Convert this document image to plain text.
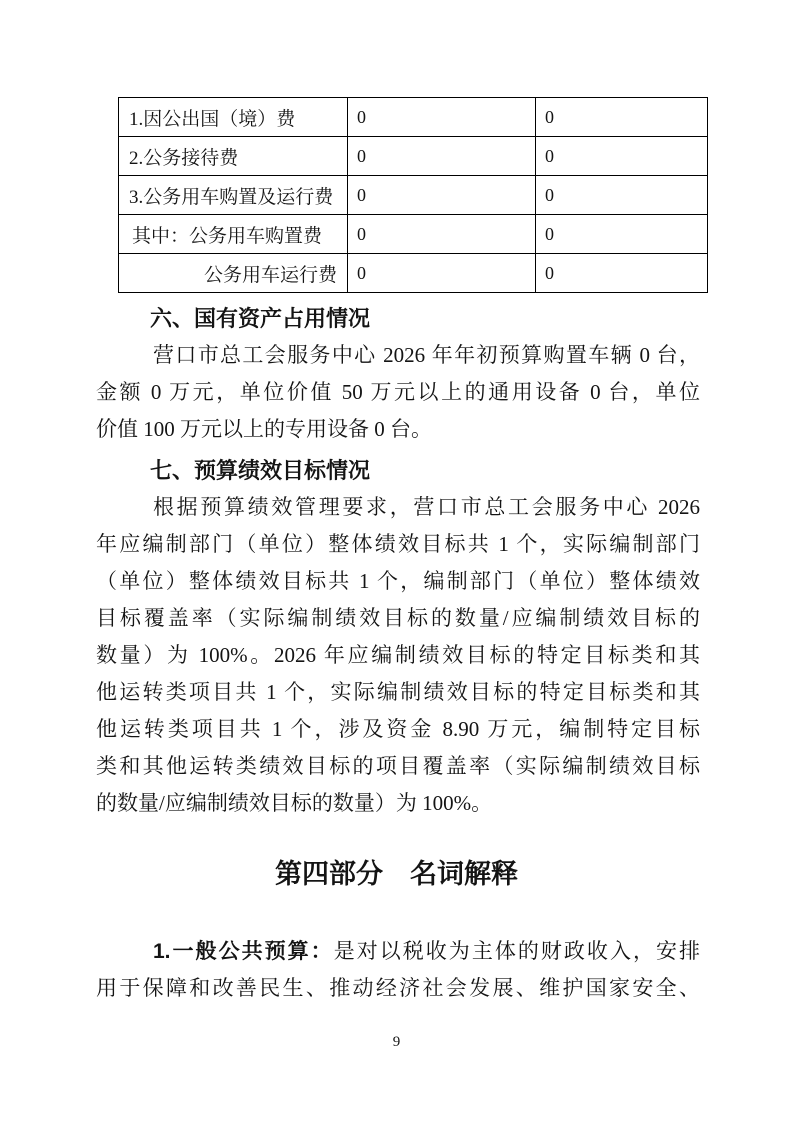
1.因公出国（境）费	0	0
2.公务接待费	0	0
3.公务用车购置及运行费	0	0
其中：公务用车购置费	0	0
公务用车运行费	0	0
六、国有资产占用情况
营口市总工会服务中心 2026 年年初预算购置车辆 0 台，
金额 0 万元，单位价值 50 万元以上的通用设备 0 台，单位
价值 100 万元以上的专用设备 0 台。
七、预算绩效目标情况
根据预算绩效管理要求，营口市总工会服务中心 2026
年应编制部门（单位）整体绩效目标共 1 个，实际编制部门
（单位）整体绩效目标共 1 个，编制部门（单位）整体绩效
目标覆盖率（实际编制绩效目标的数量/应编制绩效目标的
数量）为 100%。2026 年应编制绩效目标的特定目标类和其
他运转类项目共 1 个，实际编制绩效目标的特定目标类和其
他运转类项目共 1 个，涉及资金 8.90 万元，编制特定目标
类和其他运转类绩效目标的项目覆盖率（实际编制绩效目标
的数量/应编制绩效目标的数量）为 100%。
第四部分　名词解释
1.一般公共预算：是对以税收为主体的财政收入，安排
用于保障和改善民生、推动经济社会发展、维护国家安全、
9
